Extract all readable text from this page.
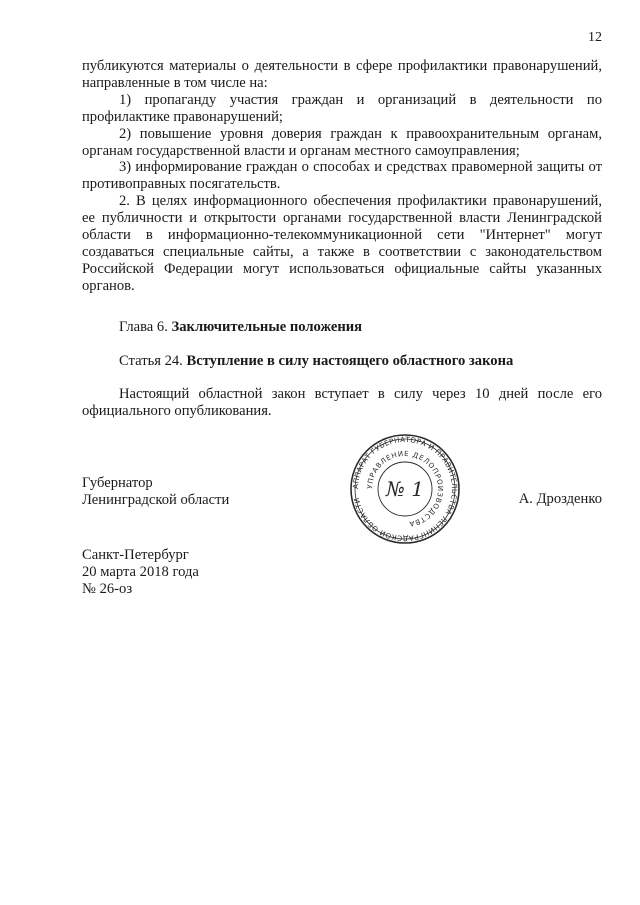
12

публикуются материалы о деятельности в сфере профилактики правонарушений, направленные в том числе на:

1) пропаганду участия граждан и организаций в деятельности по профилактике правонарушений;

2) повышение уровня доверия граждан к правоохранительным органам, органам государственной власти и органам местного самоуправления;

3) информирование граждан о способах и средствах правомерной защиты от противоправных посягательств.

2. В целях информационного обеспечения профилактики правонарушений, ее публичности и открытости органами государственной власти Ленинградской области в информационно-телекоммуникационной сети "Интернет" могут создаваться специальные сайты, а также в соответствии с законодательством Российской Федерации могут использоваться официальные сайты указанных органов.

Глава 6. Заключительные положения

Статья 24. Вступление в силу настоящего областного закона

Настоящий областной закон вступает в силу через 10 дней после его официального опубликования.

Губернатор
Ленинградской области	А. Дрозденко
АППАРАТ ГУБЕРНАТОРА И ПРАВИТЕЛЬСТВА ЛЕНИНГРАДСКОЙ ОБЛАСТИ
УПРАВЛЕНИЕ ДЕЛОПРОИЗВОДСТВА
№ 1
Санкт-Петербург
20 марта 2018 года
№ 26-оз
